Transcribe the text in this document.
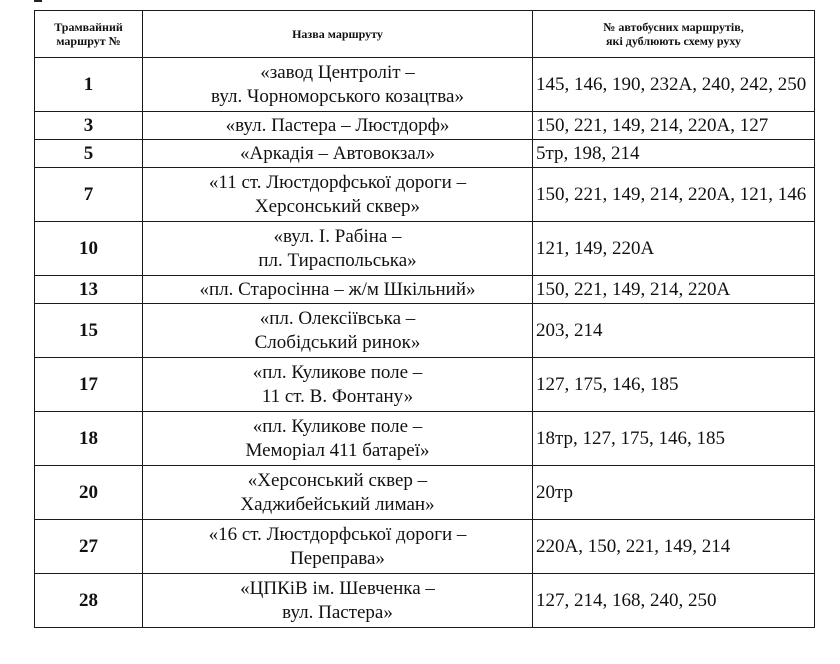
Трамвайний маршрут №	Назва маршруту	№ автобусних маршрутів,
які дублюють схему руху

1	«завод Центроліт –
вул. Чорноморського козацтва»	145, 146, 190, 232А, 240, 242, 250
3	«вул. Пастера – Люстдорф»	150, 221, 149, 214, 220А, 127
5	«Аркадія – Автовокзал»	5тр, 198, 214
7	«11 ст. Люстдорфської дороги –
Херсонський сквер»	150, 221, 149, 214, 220А, 121, 146
10	«вул. І. Рабіна –
пл. Тираспольська»	121, 149, 220А
13	«пл. Старосінна – ж/м Шкільний»	150, 221, 149, 214, 220А
15	«пл. Олексіївська –
Слобідський ринок»	203, 214
17	«пл. Куликове поле –
11 ст. В. Фонтану»	127, 175, 146, 185
18	«пл. Куликове поле –
Меморіал 411 батареї»	18тр, 127, 175, 146, 185
20	«Херсонський сквер –
Хаджибейський лиман»	20тр
27	«16 ст. Люстдорфської дороги –
Переправа»	220А, 150, 221, 149, 214
28	«ЦПКіВ ім. Шевченка –
вул. Пастера»	127, 214, 168, 240, 250
